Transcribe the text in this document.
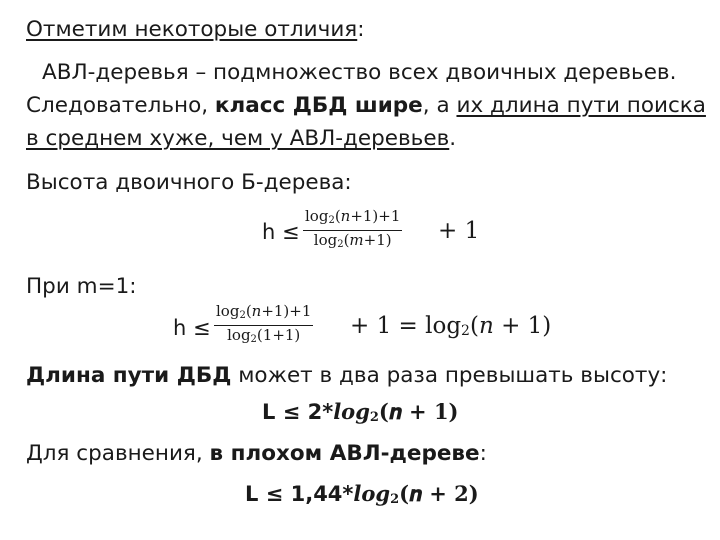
Отметим некоторые отличия:
АВЛ-деревья – подмножество всех двоичных деревьев.
Следовательно, класс ДБД шире, а их длина пути поиска
в среднем хуже, чем у АВЛ-деревьев.
Высота двоичного Б-дерева:
h ≤
$\log_2(𝑛+1)+1$
$\log_2(𝑚+1)$	+ 1
При m=1:
h ≤
$\log_2(𝑛+1)+1$
$\log_2(1+1)$	+ $1 = \log_2(𝑛 + 1)$
Длина пути ДБД может в два раза превышать высоту:
$L \le 2*\log_2(𝒏$ + 𝟏)
Для сравнения, в плохом АВЛ-дереве:
$L \le 1,44*\log_2(𝒏$ + 𝟐)
